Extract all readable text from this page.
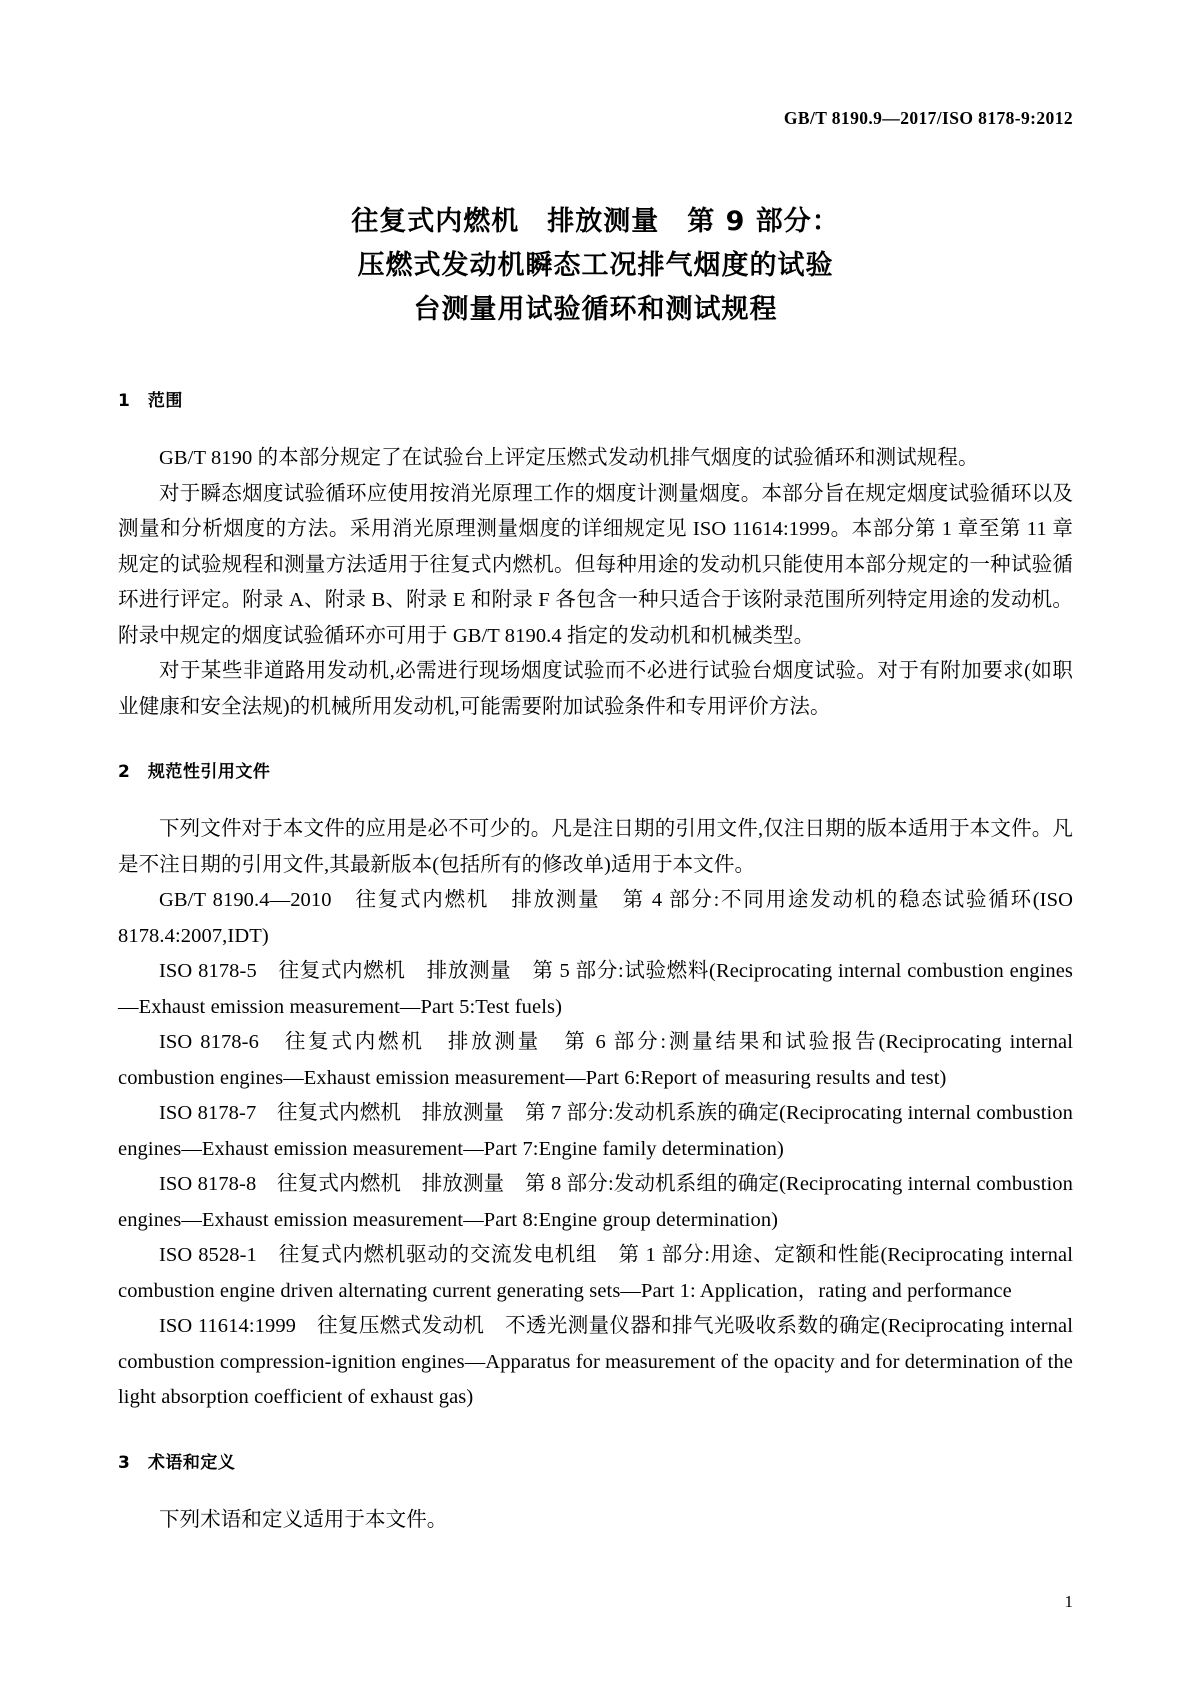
GB/T 8190.9—2017/ISO 8178-9:2012
往复式内燃机　排放测量　第 9 部分：
压燃式发动机瞬态工况排气烟度的试验
台测量用试验循环和测试规程
1　范围

GB/T 8190 的本部分规定了在试验台上评定压燃式发动机排气烟度的试验循环和测试规程。

对于瞬态烟度试验循环应使用按消光原理工作的烟度计测量烟度。本部分旨在规定烟度试验循环以及测量和分析烟度的方法。采用消光原理测量烟度的详细规定见 ISO 11614:1999。本部分第 1 章至第 11 章规定的试验规程和测量方法适用于往复式内燃机。但每种用途的发动机只能使用本部分规定的一种试验循环进行评定。附录 A、附录 B、附录 E 和附录 F 各包含一种只适合于该附录范围所列特定用途的发动机。附录中规定的烟度试验循环亦可用于 GB/T 8190.4 指定的发动机和机械类型。

对于某些非道路用发动机,必需进行现场烟度试验而不必进行试验台烟度试验。对于有附加要求(如职业健康和安全法规)的机械所用发动机,可能需要附加试验条件和专用评价方法。

2　规范性引用文件

下列文件对于本文件的应用是必不可少的。凡是注日期的引用文件,仅注日期的版本适用于本文件。凡是不注日期的引用文件,其最新版本(包括所有的修改单)适用于本文件。

GB/T 8190.4—2010　往复式内燃机　排放测量　第 4 部分:不同用途发动机的稳态试验循环(ISO 8178.4:2007,IDT)

ISO 8178-5　往复式内燃机　排放测量　第 5 部分:试验燃料(Reciprocating internal combustion engines—Exhaust emission measurement—Part 5:Test fuels)

ISO 8178-6　往复式内燃机　排放测量　第 6 部分:测量结果和试验报告(Reciprocating internal combustion engines—Exhaust emission measurement—Part 6:Report of measuring results and test)

ISO 8178-7　往复式内燃机　排放测量　第 7 部分:发动机系族的确定(Reciprocating internal combustion engines—Exhaust emission measurement—Part 7:Engine family determination)

ISO 8178-8　往复式内燃机　排放测量　第 8 部分:发动机系组的确定(Reciprocating internal combustion engines—Exhaust emission measurement—Part 8:Engine group determination)

ISO 8528-1　往复式内燃机驱动的交流发电机组　第 1 部分:用途、定额和性能(Reciprocating internal combustion engine driven alternating current generating sets—Part 1: Application，rating and performance

ISO 11614:1999　往复压燃式发动机　不透光测量仪器和排气光吸收系数的确定(Reciprocating internal combustion compression-ignition engines—Apparatus for measurement of the opacity and for determination of the light absorption coefficient of exhaust gas)

3　术语和定义

下列术语和定义适用于本文件。

1
